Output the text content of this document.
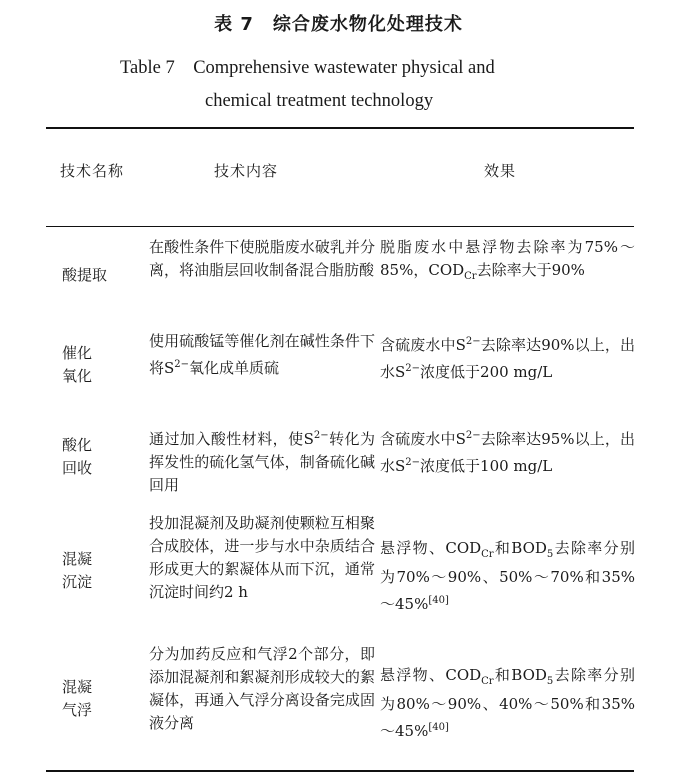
表 7　综合废水物化处理技术
Table 7　Comprehensive wastewater physical and
chemical treatment technology
技术名称	技术内容	效果
酸提取
在酸性条件下使脱脂废水破乳并分离，将油脂层回收制备混合脂肪酸
脱脂废水中悬浮物去除率为75%～85%，$COD_{Cr}$去除率大于90%
催化
氧化
使用硫酸锰等催化剂在碱性条件下将$S^{2-}$氧化成单质硫
含硫废水中$S^{2-}$去除率达90%以上，出水$S^{2-}$浓度低于200 mg/L
酸化
回收
通过加入酸性材料，使$S^{2-}$转化为挥发性的硫化氢气体，制备硫化碱回用
含硫废水中$S^{2-}$去除率达95%以上，出水$S^{2-}$浓度低于100 mg/L
混凝
沉淀
投加混凝剂及助凝剂使颗粒互相聚合成胶体，进一步与水中杂质结合形成更大的絮凝体从而下沉，通常沉淀时间约2 h
悬浮物、$COD_{Cr}$和$BOD_5$去除率分别为70%～90%、50%～70%和35%～45%[40]
混凝
气浮
分为加药反应和气浮2个部分，即添加混凝剂和絮凝剂形成较大的絮凝体，再通入气浮分离设备完成固液分离
悬浮物、$COD_{Cr}$和$BOD_5$去除率分别为80%～90%、40%～50%和35%～45%[40]
